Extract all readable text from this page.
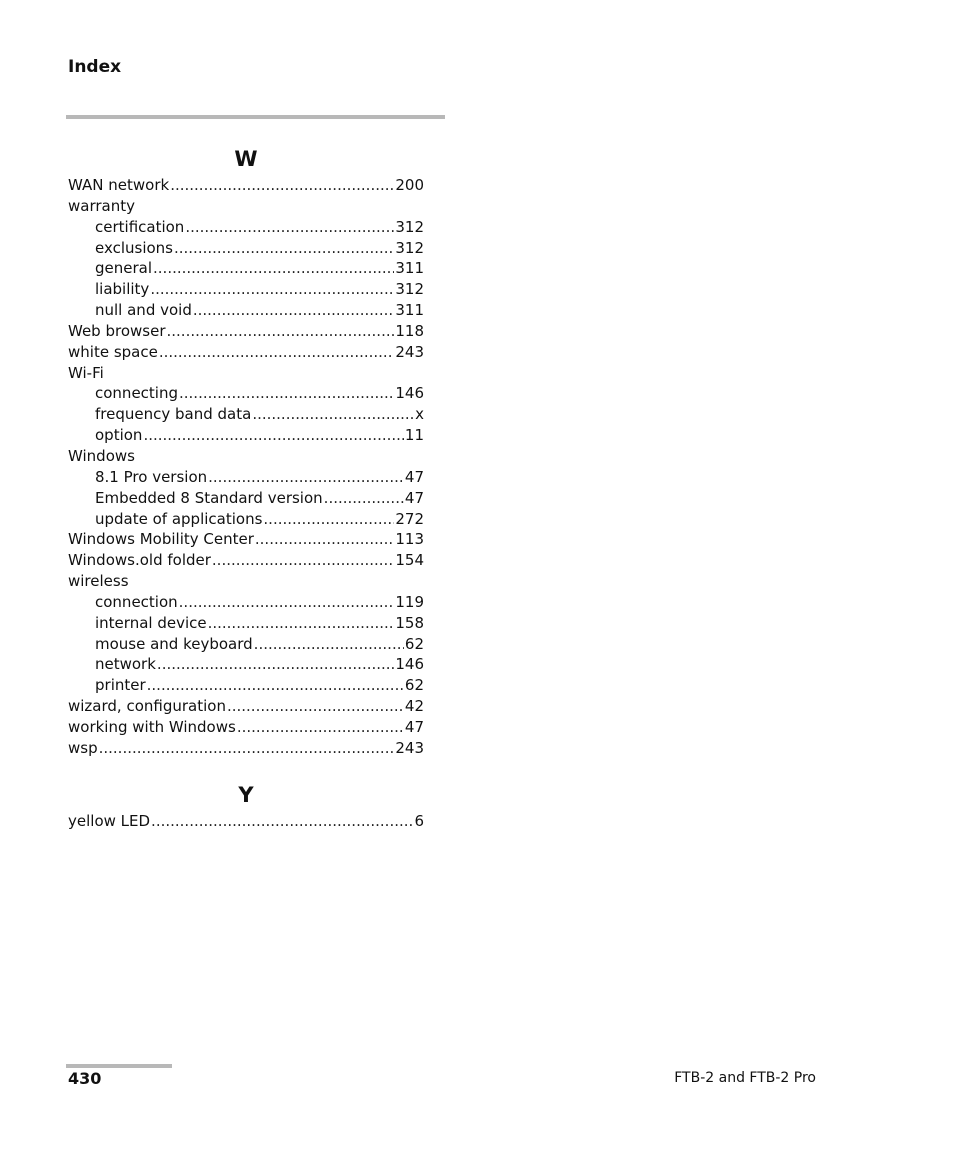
Index
W
WAN network .....	200
warranty
certification .....	312
exclusions .....	312
general .....	311
liability .....	312
null and void .....	311
Web browser .....	118
white space .....	243
Wi-Fi
connecting .....	146
frequency band data .....	x
option .....	11
Windows
8.1 Pro version .....	47
Embedded 8 Standard version .....	47
update of applications .....	272
Windows Mobility Center .....	113
Windows.old folder .....	154
wireless
connection .....	119
internal device .....	158
mouse and keyboard .....	62
network .....	146
printer .....	62
wizard, configuration .....	42
working with Windows .....	47
wsp .....	243
Y
yellow LED .....	6
430	FTB-2 and FTB-2 Pro
